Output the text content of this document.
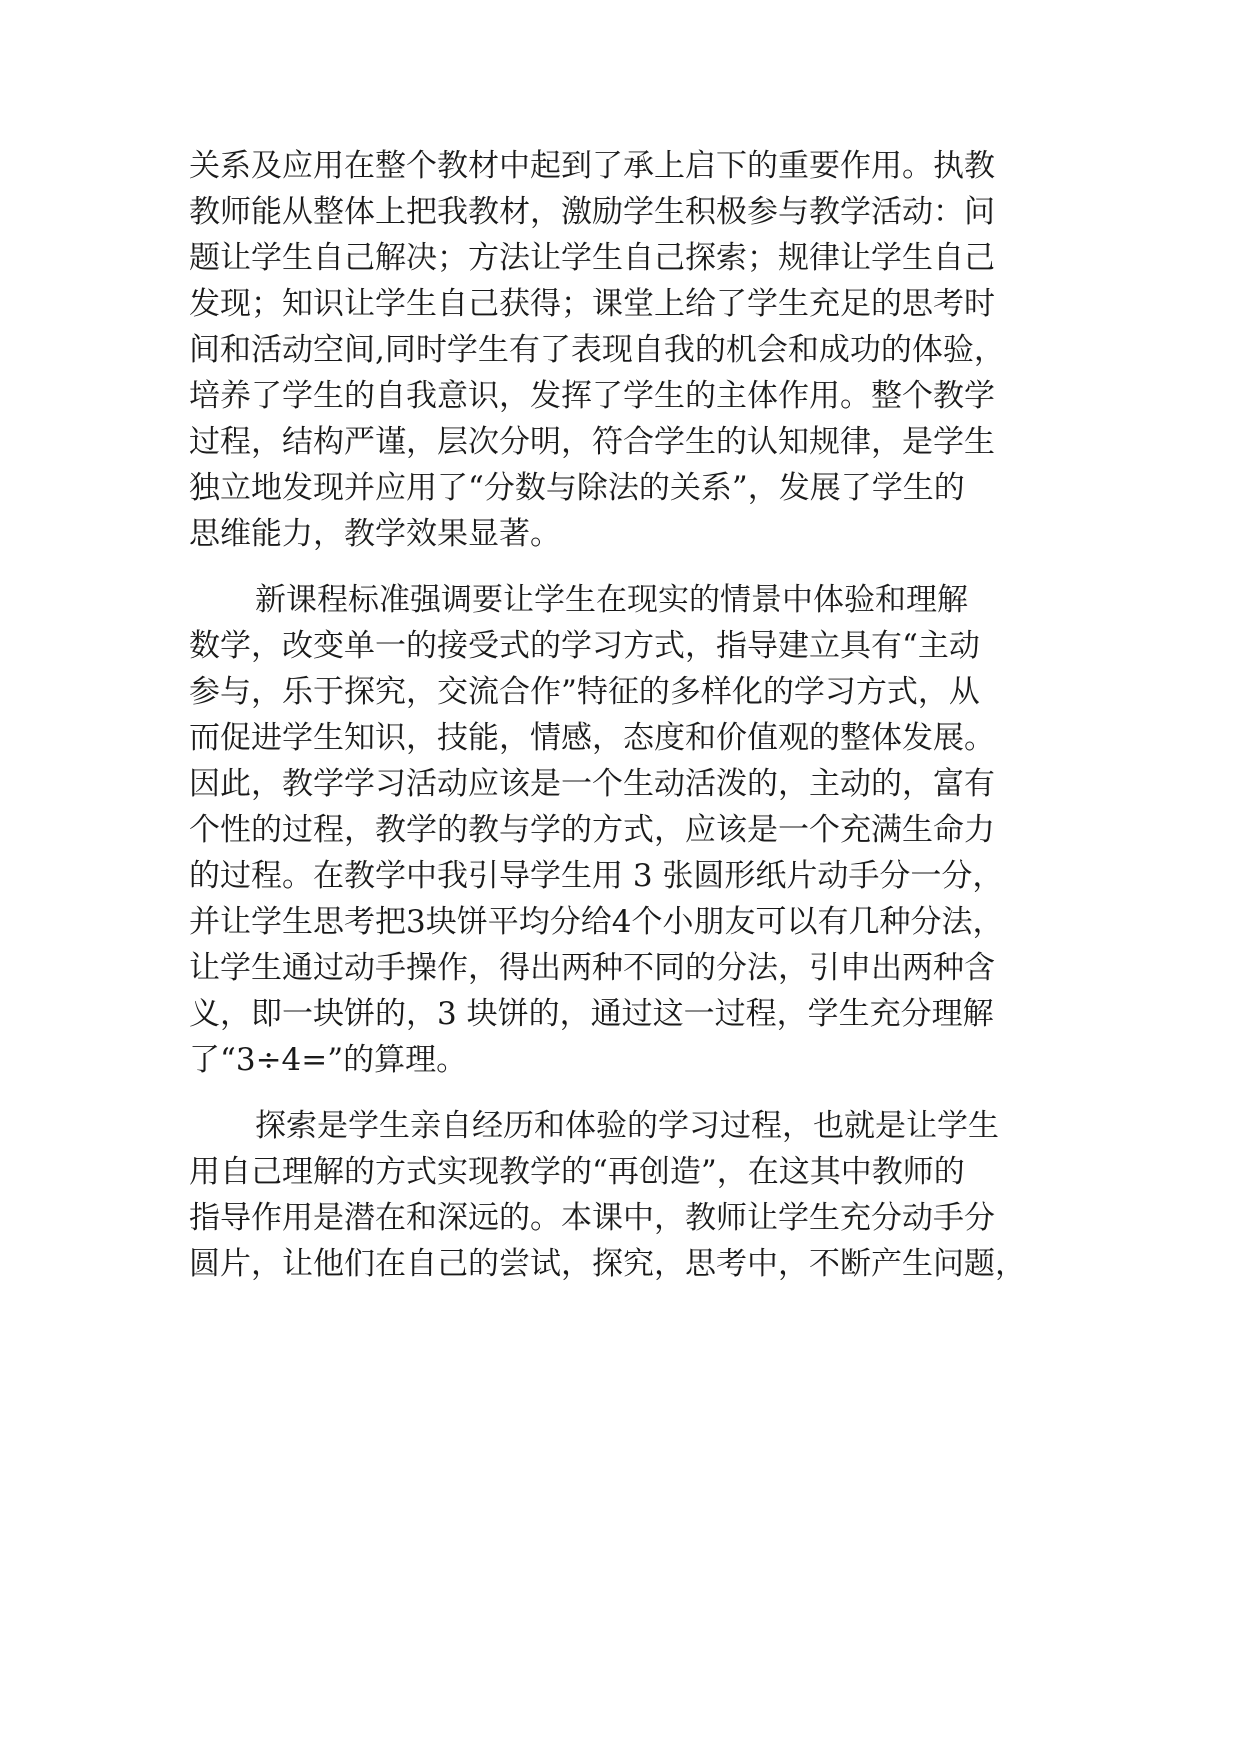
关系及应用在整个教材中起到了承上启下的重要作用。执教
教师能从整体上把我教材，激励学生积极参与教学活动：问
题让学生自己解决；方法让学生自己探索；规律让学生自己
发现；知识让学生自己获得；课堂上给了学生充足的思考时
间和活动空间,同时学生有了表现自我的机会和成功的体验，
培养了学生的自我意识，发挥了学生的主体作用。整个教学
过程，结构严谨，层次分明，符合学生的认知规律，是学生
独立地发现并应用了“分数与除法的关系”，发展了学生的
思维能力，教学效果显著。
新课程标准强调要让学生在现实的情景中体验和理解
数学，改变单一的接受式的学习方式，指导建立具有“主动
参与，乐于探究，交流合作”特征的多样化的学习方式，从
而促进学生知识，技能，情感，态度和价值观的整体发展。
因此，教学学习活动应该是一个生动活泼的，主动的，富有
个性的过程，教学的教与学的方式，应该是一个充满生命力
的过程。在教学中我引导学生用 3 张圆形纸片动手分一分，
并让学生思考把3块饼平均分给4个小朋友可以有几种分法，
让学生通过动手操作，得出两种不同的分法，引申出两种含
义，即一块饼的，3 块饼的，通过这一过程，学生充分理解
了“3÷4=”的算理。
探索是学生亲自经历和体验的学习过程，也就是让学生
用自己理解的方式实现教学的“再创造”，在这其中教师的
指导作用是潜在和深远的。本课中，教师让学生充分动手分
圆片，让他们在自己的尝试，探究，思考中，不断产生问题，
